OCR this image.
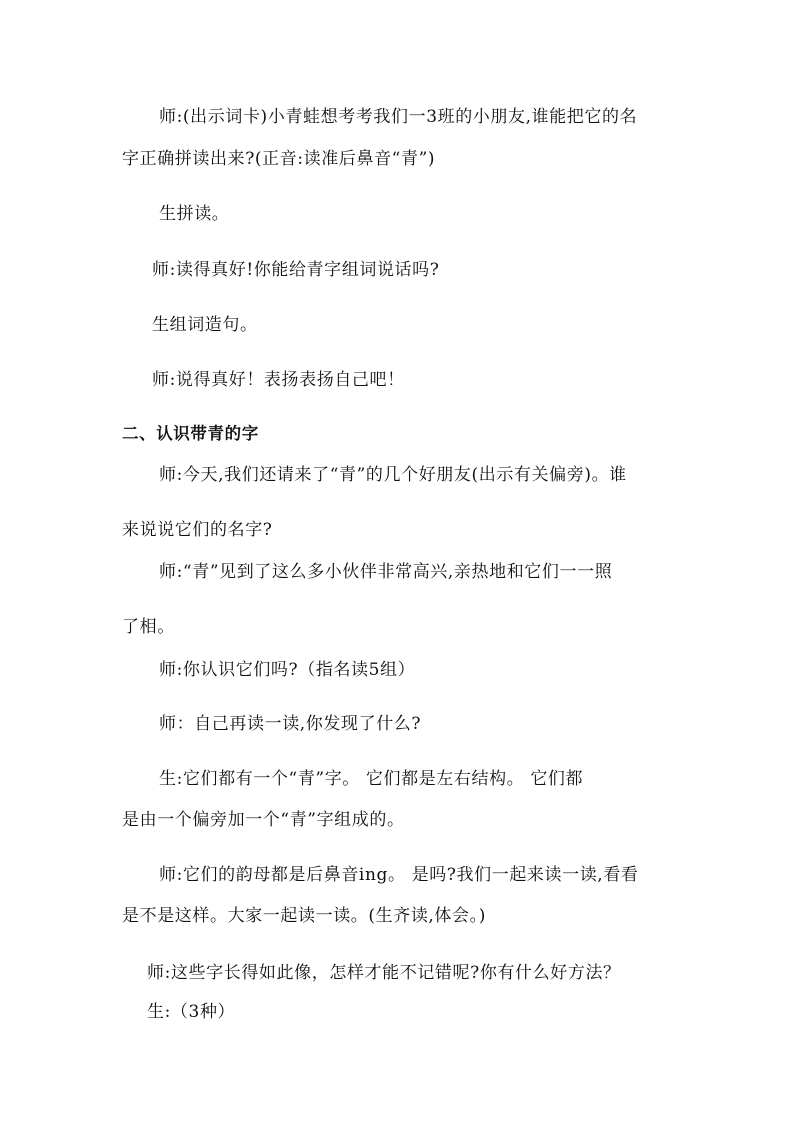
师:(出示词卡)小青蛙想考考我们一3班的小朋友,谁能把它的名
字正确拼读出来?(正音:读准后鼻音“青”)
生拼读。
师:读得真好!你能给青字组词说话吗?
生组词造句。
师:说得真好！表扬表扬自己吧！
二、认识带青的字
师:今天,我们还请来了“青”的几个好朋友(出示有关偏旁)。谁
来说说它们的名字?
师:“青”见到了这么多小伙伴非常高兴,亲热地和它们一一照
了相。
师:你认识它们吗?（指名读5组）
师：自己再读一读,你发现了什么?
生:它们都有一个“青”字。 它们都是左右结构。 它们都
是由一个偏旁加一个“青”字组成的。
师:它们的韵母都是后鼻音ing。 是吗?我们一起来读一读,看看
是不是这样。大家一起读一读。(生齐读,体会。)
师:这些字长得如此像，怎样才能不记错呢?你有什么好方法？
生:（3种）
